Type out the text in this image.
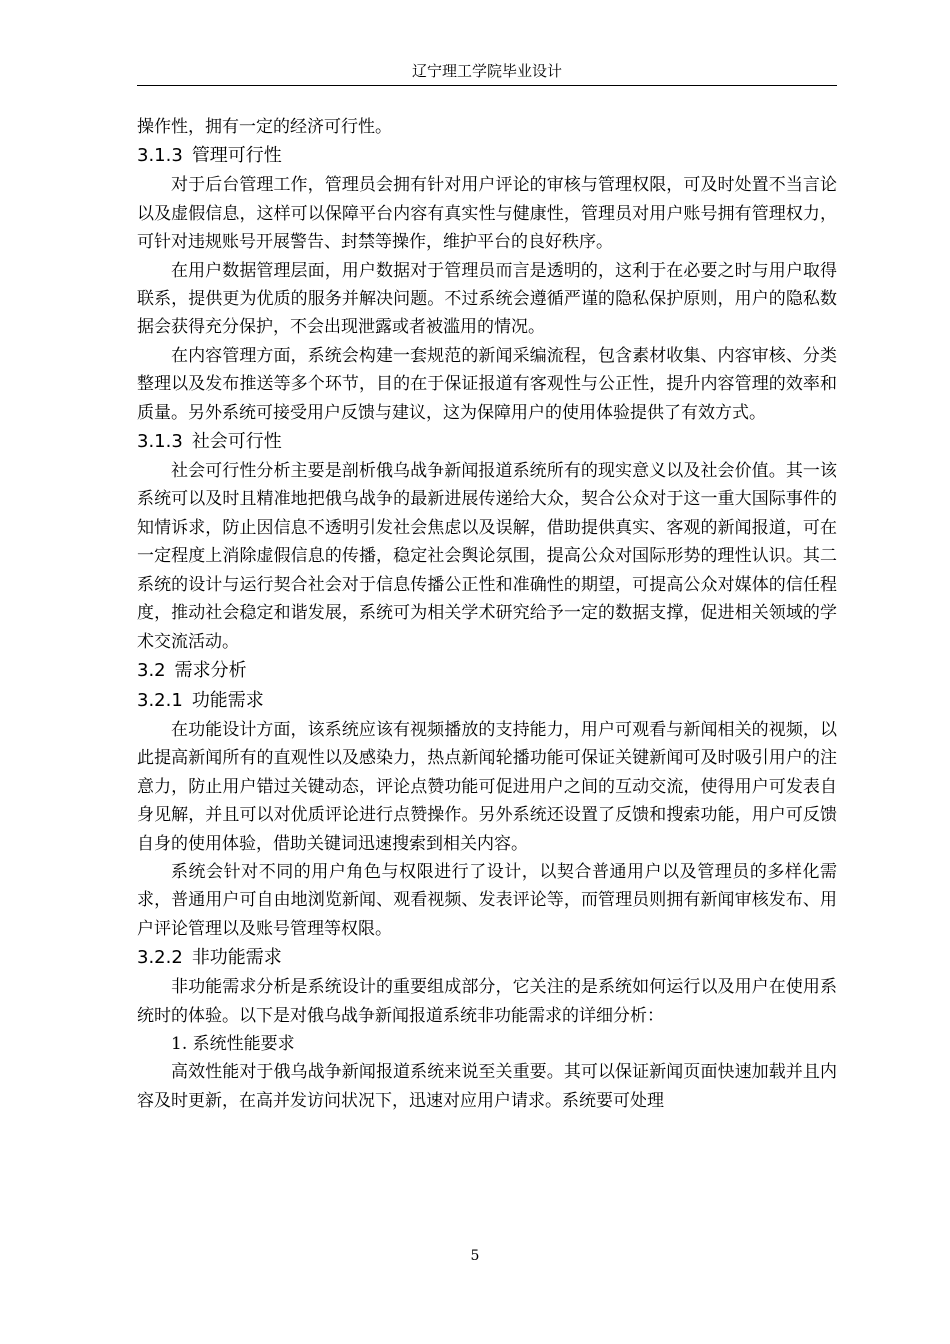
辽宁理工学院毕业设计

操作性，拥有一定的经济可行性。

3.1.3 管理可行性

对于后台管理工作，管理员会拥有针对用户评论的审核与管理权限，可及时处置不当言论以及虚假信息，这样可以保障平台内容有真实性与健康性，管理员对用户账号拥有管理权力，可针对违规账号开展警告、封禁等操作，维护平台的良好秩序。

在用户数据管理层面，用户数据对于管理员而言是透明的，这利于在必要之时与用户取得联系，提供更为优质的服务并解决问题。不过系统会遵循严谨的隐私保护原则，用户的隐私数据会获得充分保护，不会出现泄露或者被滥用的情况。

在内容管理方面，系统会构建一套规范的新闻采编流程，包含素材收集、内容审核、分类整理以及发布推送等多个环节，目的在于保证报道有客观性与公正性，提升内容管理的效率和质量。另外系统可接受用户反馈与建议，这为保障用户的使用体验提供了有效方式。

3.1.3 社会可行性

社会可行性分析主要是剖析俄乌战争新闻报道系统所有的现实意义以及社会价值。其一该系统可以及时且精准地把俄乌战争的最新进展传递给大众，契合公众对于这一重大国际事件的知情诉求，防止因信息不透明引发社会焦虑以及误解，借助提供真实、客观的新闻报道，可在一定程度上消除虚假信息的传播，稳定社会舆论氛围，提高公众对国际形势的理性认识。其二系统的设计与运行契合社会对于信息传播公正性和准确性的期望，可提高公众对媒体的信任程度，推动社会稳定和谐发展，系统可为相关学术研究给予一定的数据支撑，促进相关领域的学术交流活动。

3.2 需求分析

3.2.1 功能需求

在功能设计方面，该系统应该有视频播放的支持能力，用户可观看与新闻相关的视频，以此提高新闻所有的直观性以及感染力，热点新闻轮播功能可保证关键新闻可及时吸引用户的注意力，防止用户错过关键动态，评论点赞功能可促进用户之间的互动交流，使得用户可发表自身见解，并且可以对优质评论进行点赞操作。另外系统还设置了反馈和搜索功能，用户可反馈自身的使用体验，借助关键词迅速搜索到相关内容。

系统会针对不同的用户角色与权限进行了设计，以契合普通用户以及管理员的多样化需求，普通用户可自由地浏览新闻、观看视频、发表评论等，而管理员则拥有新闻审核发布、用户评论管理以及账号管理等权限。

3.2.2 非功能需求

非功能需求分析是系统设计的重要组成部分，它关注的是系统如何运行以及用户在使用系统时的体验。以下是对俄乌战争新闻报道系统非功能需求的详细分析：

1. 系统性能要求

高效性能对于俄乌战争新闻报道系统来说至关重要。其可以保证新闻页面快速加载并且内容及时更新，在高并发访问状况下，迅速对应用户请求。系统要可处理

5
